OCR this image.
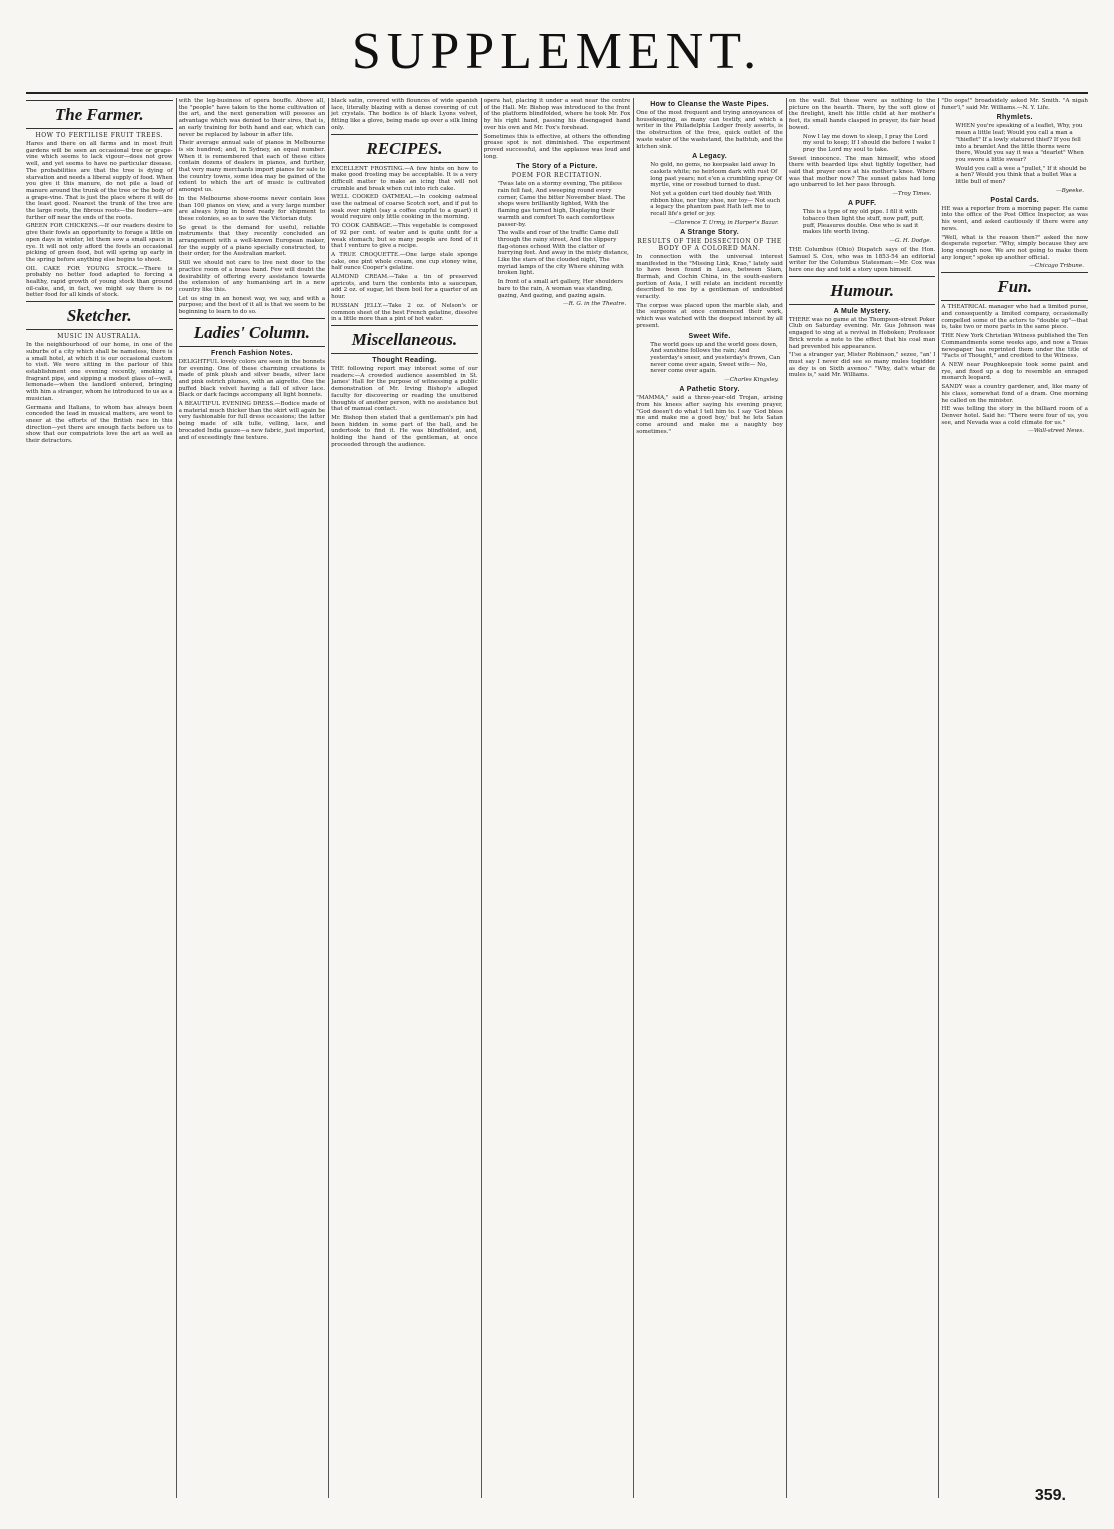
SUPPLEMENT.
The Farmer.
HOW TO FERTILISE FRUIT TREES.
Hares and there on all farms and in most fruit gardens will be seen an occasional tree or grape-vine which seems to lack vigour—does not grow well, and yet seems to have no particular disease. The probabilities are that the tree is dying of starvation and needs a liberal supply of food. When you give it this manure, do not pile a load of manure around the trunk of the tree or the body of a grape-vine. That is just the place where it will do the least good. Nearest the trunk of the tree are the large roots, the fibrous roots—the feeders—are further off near the ends of the roots.
GREEN FOR CHICKENS.—If our readers desire to give their fowls an opportunity to forage a little on open days in winter, let them sow a small space in rye. It will not only afford the fowls an occasional picking of green food, but will spring up early in the spring before anything else begins to shoot.
OIL CAKE FOR YOUNG STOCK.—There is probably no better food adapted to forcing a healthy, rapid growth of young stock than ground oil-cake, and, in fact, we might say there is no better food for all kinds of stock.
Sketcher.
MUSIC IN AUSTRALIA.
In the neighbourhood of our home, in one of the suburbs of a city which shall be nameless, there is a small hotel, at which it is our occasional custom to visit. We were sitting in the parlour of this establishment one evening recently, smoking a fragrant pipe, and sipping a modest glass of—well, lemonade—when the landlord entered, bringing with him a stranger, whom he introduced to us as a musician.
Germans and Italians, to whom has always been conceded the lead in musical matters, are wont to sneer at the efforts of the British race in this direction—yet there are enough facts before us to show that our compatriots love the art as well as their detractors.
with the leg-business of opera bouffe. Above all, the "people" have taken to the home cultivation of the art, and the next generation will possess an advantage which was denied to their sires, that is, an early training for both hand and ear, which can never be replaced by labour in after life.
Their average annual sale of pianos in Melbourne is six hundred; and, in Sydney, an equal number. When it is remembered that each of these cities contain dozens of dealers in pianos, and further, that very many merchants import pianos for sale to the country towns, some idea may be gained of the extent to which the art of music is cultivated amongst us.
In the Melbourne show-rooms never contain less than 100 pianos on view, and a very large number are always lying in bond ready for shipment to these colonies, so as to save the Victorian duty.
So great is the demand for useful, reliable instruments that they recently concluded an arrangement with a well-known European maker, for the supply of a piano specially constructed, to their order, for the Australian market.
Still we should not care to live next door to the practice room of a brass band. Few will doubt the desirability of offering every assistance towards the extension of any humanising art in a new country like this.
Let us sing in an honest way, we say, and with a purpose; and the best of it all is that we seem to be beginning to learn to do so.
Ladies' Column.
French Fashion Notes.
DELIGHTFUL lovely colors are seen in the bonnets for evening. One of these charming creations is made of pink plush and silver beads, silver lace and pink ostrich plumes, with an aigrette. One the puffed black velvet having a fall of silver lace. Black or dark facings accompany all light bonnets.
A BEAUTIFUL EVENING DRESS.—Bodice made of a material much thicker than the skirt will again be very fashionable for full dress occasions; the latter being made of silk tulle, velling, lace, and brocaded India gauze—a new fabric, just imported, and of exceedingly fine texture.
black satin, covered with flounces of wide spanish lace, literally blazing with a dense covering of cut jet crystals. The bodice is of black Lyons velvet, fitting like a glove, being made up over a silk lining only.
RECIPES.
EXCELLENT FROSTING.—A few hints on how to make good frosting may be acceptable. It is a very difficult matter to make an icing that will not crumble and break when cut into rich cake.
WELL COOKED OATMEAL.—In cooking oatmeal use the oatmeal of coarse Scotch sort, and if put to soak over night (say a coffee cupful to a quart) it would require only little cooking in the morning.
TO COOK CABBAGE.—This vegetable is composed of 92 per cent. of water and is quite unfit for a weak stomach; but so many people are fond of it that I venture to give a recipe.
A TRUE CROQUETTE.—One large stale sponge cake, one pint whole cream, one cup stoney wine, half ounce Cooper's gelatine.
ALMOND CREAM.—Take a tin of preserved apricots, and turn the contents into a saucepan, add 2 oz. of sugar, let them boil for a quarter of an hour.
RUSSIAN JELLY.—Take 2 oz. of Nelson's or common sheet of the best French gelatine, dissolve in a little more than a pint of hot water.
Miscellaneous.
Thought Reading.
THE following report may interest some of our readers:—A crowded audience assembled in St. James' Hall for the purpose of witnessing a public demonstration of Mr. Irving Bishop's alleged faculty for discovering or reading the unuttered thoughts of another person, with no assistance but that of manual contact.
Mr. Bishop then stated that a gentleman's pin had been hidden in some part of the hall, and he undertook to find it. He was blindfolded, and, holding the hand of the gentleman, at once proceeded through the audience.
opera hat, placing it under a seat near the centre of the Hall. Mr. Bishop was introduced to the front of the platform blindfolded, where he took Mr. Fox by his right hand, passing his disengaged hand over his own and Mr. Fox's forehead.
Sometimes this is effective, at others the offending grease spot is not diminished. The experiment proved successful, and the applause was loud and long.
The Story of a Picture.
POEM FOR RECITATION.
'Twas late on a stormy evening, The pitiless rain fell fast, And sweeping round every corner, Came the bitter November blast. The shops were brilliantly lighted, With the flaming gas turned high, Displaying their warmth and comfort To each comfortless passer-by.
The walls and roar of the traffic Came dull through the rainy street, And the slippery flag-stones echoed With the clatter of hurrying feet. And away in the misty distance, Like the stars of the clouded night, The myriad lamps of the city Where shining with broken light.
In front of a small art gallery, Her shoulders bare to the rain, A woman was standing, gazing, And gazing, and gazing again.
—R. G. in the Theatre.
How to Cleanse the Waste Pipes.
One of the most frequent and trying annoyances of housekeeping, as many can testify, and which a writer in the Philadelphia Ledger freely asserts, is the obstruction of the free, quick outlet of the waste water of the washstand, the bathtub, and the kitchen sink.
A Legacy.
No gold, no gems, no keepsake laid away In caskets white; no heirloom dark with rust Of long past years; not e'en a crumbling spray Of myrtle, vine or rosebud turned to dust.
Not yet a golden curl tied doubly fast With ribbon blue, nor tiny shoe, nor toy— Not such a legacy the phantom past Hath left me to recall life's grief or joy.
—Clarence T. Urmy, in Harper's Bazar.
A Strange Story.
RESULTS OF THE DISSECTION OF THE BODY OF A COLORED MAN.
In connection with the universal interest manifested in the "Missing Link, Krao," lately said to have been found in Laos, between Siam, Burmah, and Cochin China, in the south-eastern portion of Asia, I will relate an incident recently described to me by a gentleman of undoubted veracity.
The corpse was placed upon the marble slab, and the surgeons at once commenced their work, which was watched with the deepest interest by all present.
Sweet Wife.
The world goes up and the world goes down, And sunshine follows the rain; And yesterday's sneer, and yesterday's frown, Can never come over again, Sweet wife— No, never come over again.
—Charles Kingsley.
A Pathetic Story.
"MAMMA," said a three-year-old Trojan, arising from his knees after saying his evening prayer, "God doesn't do what I tell him to. I say 'God bless me and make me a good boy,' but he lets Satan come around and make me a naughty boy sometimes."
on the wall. But these were as nothing to the picture on the hearth. There, by the soft glow of the firelight, knelt his little child at her mother's feet, its small hands clasped in prayer, its fair head bowed.
Now I lay me down to sleep, I pray the Lord my soul to keep; If I should die before I wake I pray the Lord my soul to take.
Sweet innocence. The man himself, who stood there with bearded lips shut tightly together, had said that prayer once at his mother's knee. Where was that mother now? The sunset gates had long ago unbarred to let her pass through.
—Troy Times.
A PUFF.
This is a type of my old pipe. I fill it with tobacco then light the stuff, now puff, puff, puff, Pleasures double. One who is sad it makes life worth living.
—G. H. Dodge.
THE Columbus (Ohio) Dispatch says of the Hon. Samuel S. Cox, who was in 1853-54 an editorial writer for the Columbus Statesman:—Mr. Cox was here one day and told a story upon himself.
Humour.
A Mule Mystery.
THERE was no game at the Thompson-street Poker Club on Saturday evening. Mr. Gus Johnson was engaged to sing at a revival in Hoboken; Professor Brick wrote a note to the effect that his coal man had prevented his appearance.
"I'se a stranger yar, Mister Robinson," sezee, "an' I must say I never did see so many mules togidder as dey is on Sixth avenoo." "Why, dat's whar de mules is," said Mr. Williams.
"Do oops!" broadsidely asked Mr. Smith. "A nigah funer'l," said Mr. Williams.—N. Y. Life.
Rhymlets.
WHEN you're speaking of a leaflet, Why, you mean a little leaf; Would you call a man a "thieflet" If a lowly statured thief? If you fell into a bramlet And the little thorns were there, Would you say it was a "dearlet" When you swore a little swear?
Would you call a wee a "pullet," If it should be a hen? Would you think that a bullet Was a little bull of men?
—Byeeke.
Postal Cards.
HE was a reporter from a morning paper. He came into the office of the Post Office Inspector, as was his wont, and asked cautiously if there were any news.
"Well, what is the reason then?" asked the now desperate reporter. "Why, simply because they are long enough now. We are not going to make them any longer," spoke up another official.
—Chicago Tribune.
Fun.
A THEATRICAL manager who had a limited purse, and consequently a limited company, occasionally compelled some of the actors to "double up"—that is, take two or more parts in the same piece.
THE New York Christian Witness published the Ten Commandments some weeks ago, and now a Texas newspaper has reprinted them under the title of "Facts of Thought," and credited to the Witness.
A NEW near Poughkeepsie took some paint and rye, and fixed up a dog to resemble an enraged monarch leopard.
SANDY was a country gardener, and, like many of his class, somewhat fond of a dram. One morning he called on the minister.
HE was telling the story in the billiard room of a Denver hotel. Said he: "There were four of us, you see, and Nevada was a cold climate for us."
—Wall-street News.
359.
